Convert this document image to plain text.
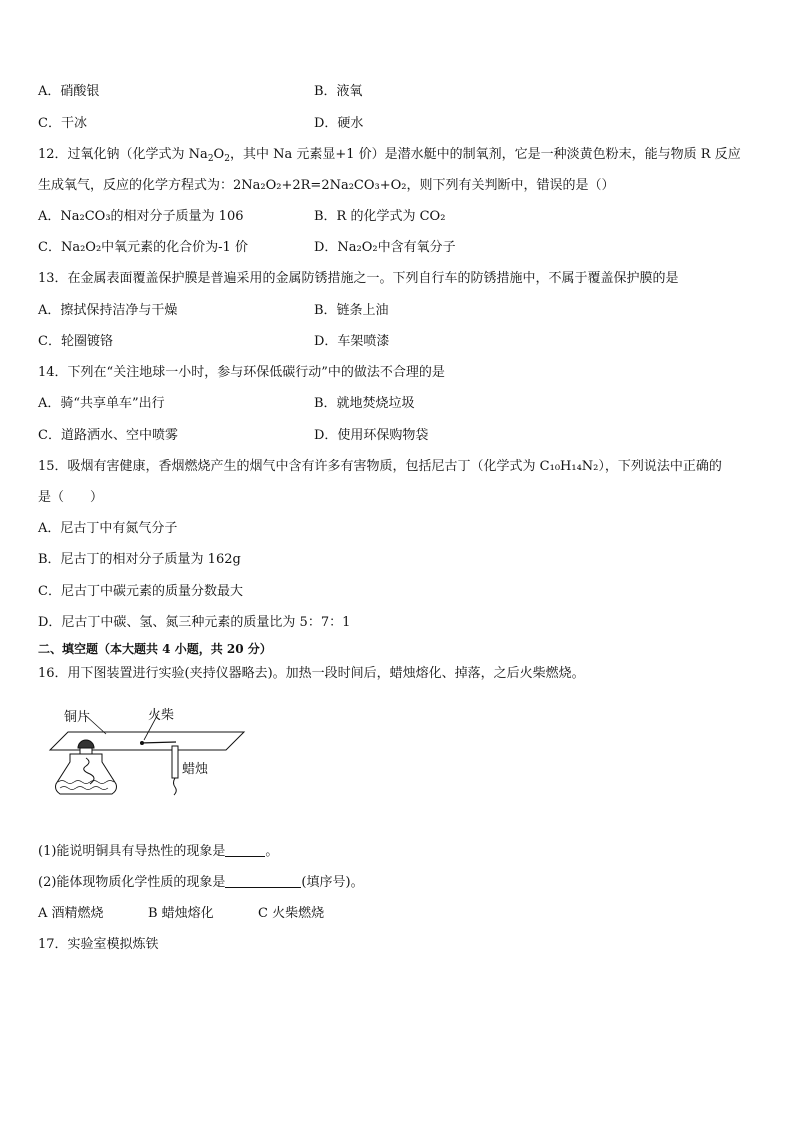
A．硝酸银	B．液氧
C．干冰	D．硬水
12．过氧化钠（化学式为 $Na_2O_2$，其中 Na 元素显+1 价）是潜水艇中的制氧剂，它是一种淡黄色粉末，能与物质 R 反应
生成氧气，反应的化学方程式为：2Na₂O₂+2R=2Na₂CO₃+O₂，则下列有关判断中，错误的是（）
A．Na₂CO₃的相对分子质量为 106	B．R 的化学式为 CO₂
C．Na₂O₂中氧元素的化合价为-1 价	D．Na₂O₂中含有氧分子
13．在金属表面覆盖保护膜是普遍采用的金属防锈措施之一。下列自行车的防锈措施中，不属于覆盖保护膜的是
A．擦拭保持洁净与干燥	B．链条上油
C．轮圈镀铬	D．车架喷漆
14．下列在“关注地球一小时，参与环保低碳行动”中的做法不合理的是
A．骑“共享单车”出行	B．就地焚烧垃圾
C．道路洒水、空中喷雾	D．使用环保购物袋
15．吸烟有害健康，香烟燃烧产生的烟气中含有许多有害物质，包括尼古丁（化学式为 C₁₀H₁₄N₂），下列说法中正确的
是（　　）
A．尼古丁中有氮气分子
B．尼古丁的相对分子质量为 162g
C．尼古丁中碳元素的质量分数最大
D．尼古丁中碳、氢、氮三种元素的质量比为 5：7：1
二、填空题（本大题共 4 小题，共 20 分）
16．用下图装置进行实验(夹持仪器略去)。加热一段时间后，蜡烛熔化、掉落，之后火柴燃烧。
铜片	火柴
蜡烛
(1)能说明铜具有导热性的现象是	。
(2)能体现物质化学性质的现象是	(填序号)。
A 酒精燃烧	B 蜡烛熔化	C 火柴燃烧
17．实验室模拟炼铁
